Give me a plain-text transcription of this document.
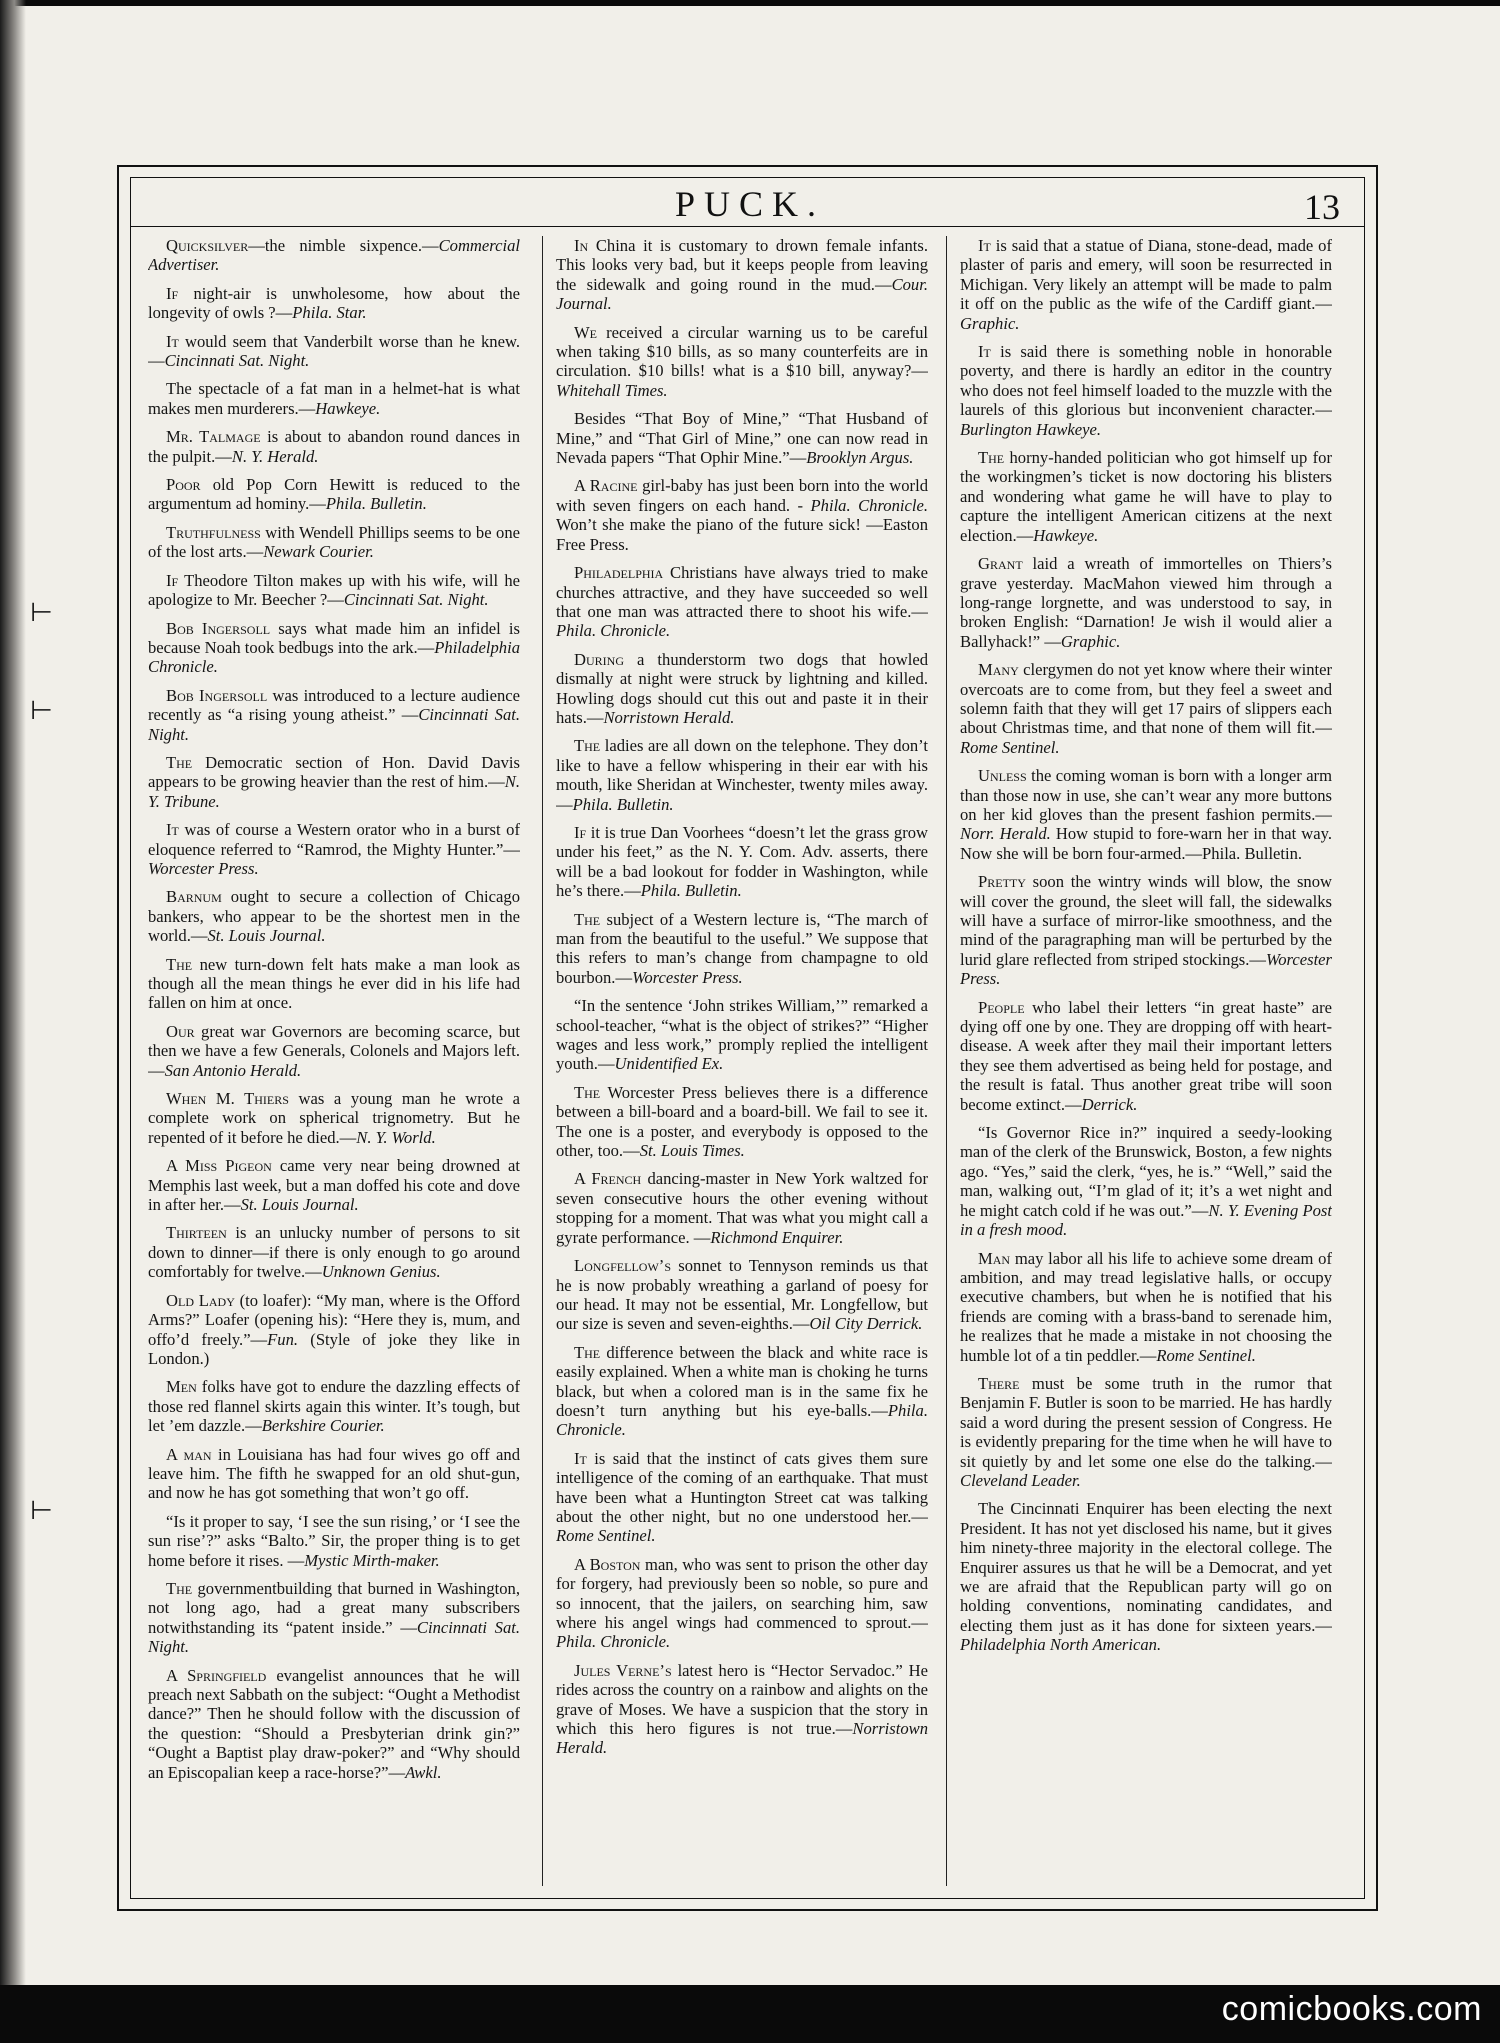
⊢
⊢
⊢
PUCK.	13

Quicksilver—the nimble sixpence.—Commercial Advertiser.

If night-air is unwholesome, how about the longevity of owls ?—Phila. Star.

It would seem that Vanderbilt worse than he knew.—Cincinnati Sat. Night.

The spectacle of a fat man in a helmet-hat is what makes men murderers.—Hawkeye.

Mr. Talmage is about to abandon round dances in the pulpit.—N. Y. Herald.

Poor old Pop Corn Hewitt is reduced to the argumentum ad hominy.—Phila. Bulletin.

Truthfulness with Wendell Phillips seems to be one of the lost arts.—Newark Courier.

If Theodore Tilton makes up with his wife, will he apologize to Mr. Beecher ?—Cincinnati Sat. Night.

Bob Ingersoll says what made him an infidel is because Noah took bedbugs into the ark.—Philadelphia Chronicle.

Bob Ingersoll was introduced to a lecture audience recently as “a rising young atheist.” —Cincinnati Sat. Night.

The Democratic section of Hon. David Davis appears to be growing heavier than the rest of him.—N. Y. Tribune.

It was of course a Western orator who in a burst of eloquence referred to “Ramrod, the Mighty Hunter.”—Worcester Press.

Barnum ought to secure a collection of Chicago bankers, who appear to be the shortest men in the world.—St. Louis Journal.

The new turn-down felt hats make a man look as though all the mean things he ever did in his life had fallen on him at once.

Our great war Governors are becoming scarce, but then we have a few Generals, Colonels and Majors left.—San Antonio Herald.

When M. Thiers was a young man he wrote a complete work on spherical trignometry. But he repented of it before he died.—N. Y. World.

A Miss Pigeon came very near being drowned at Memphis last week, but a man doffed his cote and dove in after her.—St. Louis Journal.

Thirteen is an unlucky number of persons to sit down to dinner—if there is only enough to go around comfortably for twelve.—Unknown Genius.

Old Lady (to loafer): “My man, where is the Offord Arms?” Loafer (opening his): “Here they is, mum, and offo’d freely.”—Fun. (Style of joke they like in London.)

Men folks have got to endure the dazzling effects of those red flannel skirts again this winter. It’s tough, but let ’em dazzle.—Berkshire Courier.

A man in Louisiana has had four wives go off and leave him. The fifth he swapped for an old shut-gun, and now he has got something that won’t go off.

“Is it proper to say, ‘I see the sun rising,’ or ‘I see the sun rise’?” asks “Balto.” Sir, the proper thing is to get home before it rises. —Mystic Mirth-maker.

The governmentbuilding that burned in Washington, not long ago, had a great many subscribers notwithstanding its “patent inside.” —Cincinnati Sat. Night.

A Springfield evangelist announces that he will preach next Sabbath on the subject: “Ought a Methodist dance?” Then he should follow with the discussion of the question: “Should a Presbyterian drink gin?” “Ought a Baptist play draw-poker?” and “Why should an Episcopalian keep a race-horse?”—Awkl.

In China it is customary to drown female infants. This looks very bad, but it keeps people from leaving the sidewalk and going round in the mud.—Cour. Journal.

We received a circular warning us to be careful when taking $10 bills, as so many counterfeits are in circulation. $10 bills! what is a $10 bill, anyway?—Whitehall Times.

Besides “That Boy of Mine,” “That Husband of Mine,” and “That Girl of Mine,” one can now read in Nevada papers “That Ophir Mine.”—Brooklyn Argus.

A Racine girl-baby has just been born into the world with seven fingers on each hand. - Phila. Chronicle. Won’t she make the piano of the future sick! —Easton Free Press.

Philadelphia Christians have always tried to make churches attractive, and they have succeeded so well that one man was attracted there to shoot his wife.—Phila. Chronicle.

During a thunderstorm two dogs that howled dismally at night were struck by lightning and killed. Howling dogs should cut this out and paste it in their hats.—Norristown Herald.

The ladies are all down on the telephone. They don’t like to have a fellow whispering in their ear with his mouth, like Sheridan at Winchester, twenty miles away.—Phila. Bulletin.

If it is true Dan Voorhees “doesn’t let the grass grow under his feet,” as the N. Y. Com. Adv. asserts, there will be a bad lookout for fodder in Washington, while he’s there.—Phila. Bulletin.

The subject of a Western lecture is, “The march of man from the beautiful to the useful.” We suppose that this refers to man’s change from champagne to old bourbon.—Worcester Press.

“In the sentence ‘John strikes William,’” remarked a school-teacher, “what is the object of strikes?” “Higher wages and less work,” promply replied the intelligent youth.—Unidentified Ex.

The Worcester Press believes there is a difference between a bill-board and a board-bill. We fail to see it. The one is a poster, and everybody is opposed to the other, too.—St. Louis Times.

A French dancing-master in New York waltzed for seven consecutive hours the other evening without stopping for a moment. That was what you might call a gyrate performance. —Richmond Enquirer.

Longfellow’s sonnet to Tennyson reminds us that he is now probably wreathing a garland of poesy for our head. It may not be essential, Mr. Longfellow, but our size is seven and seven-eighths.—Oil City Derrick.

The difference between the black and white race is easily explained. When a white man is choking he turns black, but when a colored man is in the same fix he doesn’t turn anything but his eye-balls.—Phila. Chronicle.

It is said that the instinct of cats gives them sure intelligence of the coming of an earthquake. That must have been what a Huntington Street cat was talking about the other night, but no one understood her.—Rome Sentinel.

A Boston man, who was sent to prison the other day for forgery, had previously been so noble, so pure and so innocent, that the jailers, on searching him, saw where his angel wings had commenced to sprout.—Phila. Chronicle.

Jules Verne’s latest hero is “Hector Servadoc.” He rides across the country on a rainbow and alights on the grave of Moses. We have a suspicion that the story in which this hero figures is not true.—Norristown Herald.

It is said that a statue of Diana, stone-dead, made of plaster of paris and emery, will soon be resurrected in Michigan. Very likely an attempt will be made to palm it off on the public as the wife of the Cardiff giant.—Graphic.

It is said there is something noble in honorable poverty, and there is hardly an editor in the country who does not feel himself loaded to the muzzle with the laurels of this glorious but inconvenient character.—Burlington Hawkeye.

The horny-handed politician who got himself up for the workingmen’s ticket is now doctoring his blisters and wondering what game he will have to play to capture the intelligent American citizens at the next election.—Hawkeye.

Grant laid a wreath of immortelles on Thiers’s grave yesterday. MacMahon viewed him through a long-range lorgnette, and was understood to say, in broken English: “Darnation! Je wish il would alier a Ballyhack!” —Graphic.

Many clergymen do not yet know where their winter overcoats are to come from, but they feel a sweet and solemn faith that they will get 17 pairs of slippers each about Christmas time, and that none of them will fit.—Rome Sentinel.

Unless the coming woman is born with a longer arm than those now in use, she can’t wear any more buttons on her kid gloves than the present fashion permits.—Norr. Herald. How stupid to fore-warn her in that way. Now she will be born four-armed.—Phila. Bulletin.

Pretty soon the wintry winds will blow, the snow will cover the ground, the sleet will fall, the sidewalks will have a surface of mirror-like smoothness, and the mind of the paragraphing man will be perturbed by the lurid glare reflected from striped stockings.—Worcester Press.

People who label their letters “in great haste” are dying off one by one. They are dropping off with heart-disease. A week after they mail their important letters they see them advertised as being held for postage, and the result is fatal. Thus another great tribe will soon become extinct.—Derrick.

“Is Governor Rice in?” inquired a seedy-looking man of the clerk of the Brunswick, Boston, a few nights ago. “Yes,” said the clerk, “yes, he is.” “Well,” said the man, walking out, “I’m glad of it; it’s a wet night and he might catch cold if he was out.”—N. Y. Evening Post in a fresh mood.

Man may labor all his life to achieve some dream of ambition, and may tread legislative halls, or occupy executive chambers, but when he is notified that his friends are coming with a brass-band to serenade him, he realizes that he made a mistake in not choosing the humble lot of a tin peddler.—Rome Sentinel.

There must be some truth in the rumor that Benjamin F. Butler is soon to be married. He has hardly said a word during the present session of Congress. He is evidently preparing for the time when he will have to sit quietly by and let some one else do the talking.—Cleveland Leader.

The Cincinnati Enquirer has been electing the next President. It has not yet disclosed his name, but it gives him ninety-three majority in the electoral college. The Enquirer assures us that he will be a Democrat, and yet we are afraid that the Republican party will go on holding conventions, nominating candidates, and electing them just as it has done for sixteen years.—Philadelphia North American.

comicbooks.com
